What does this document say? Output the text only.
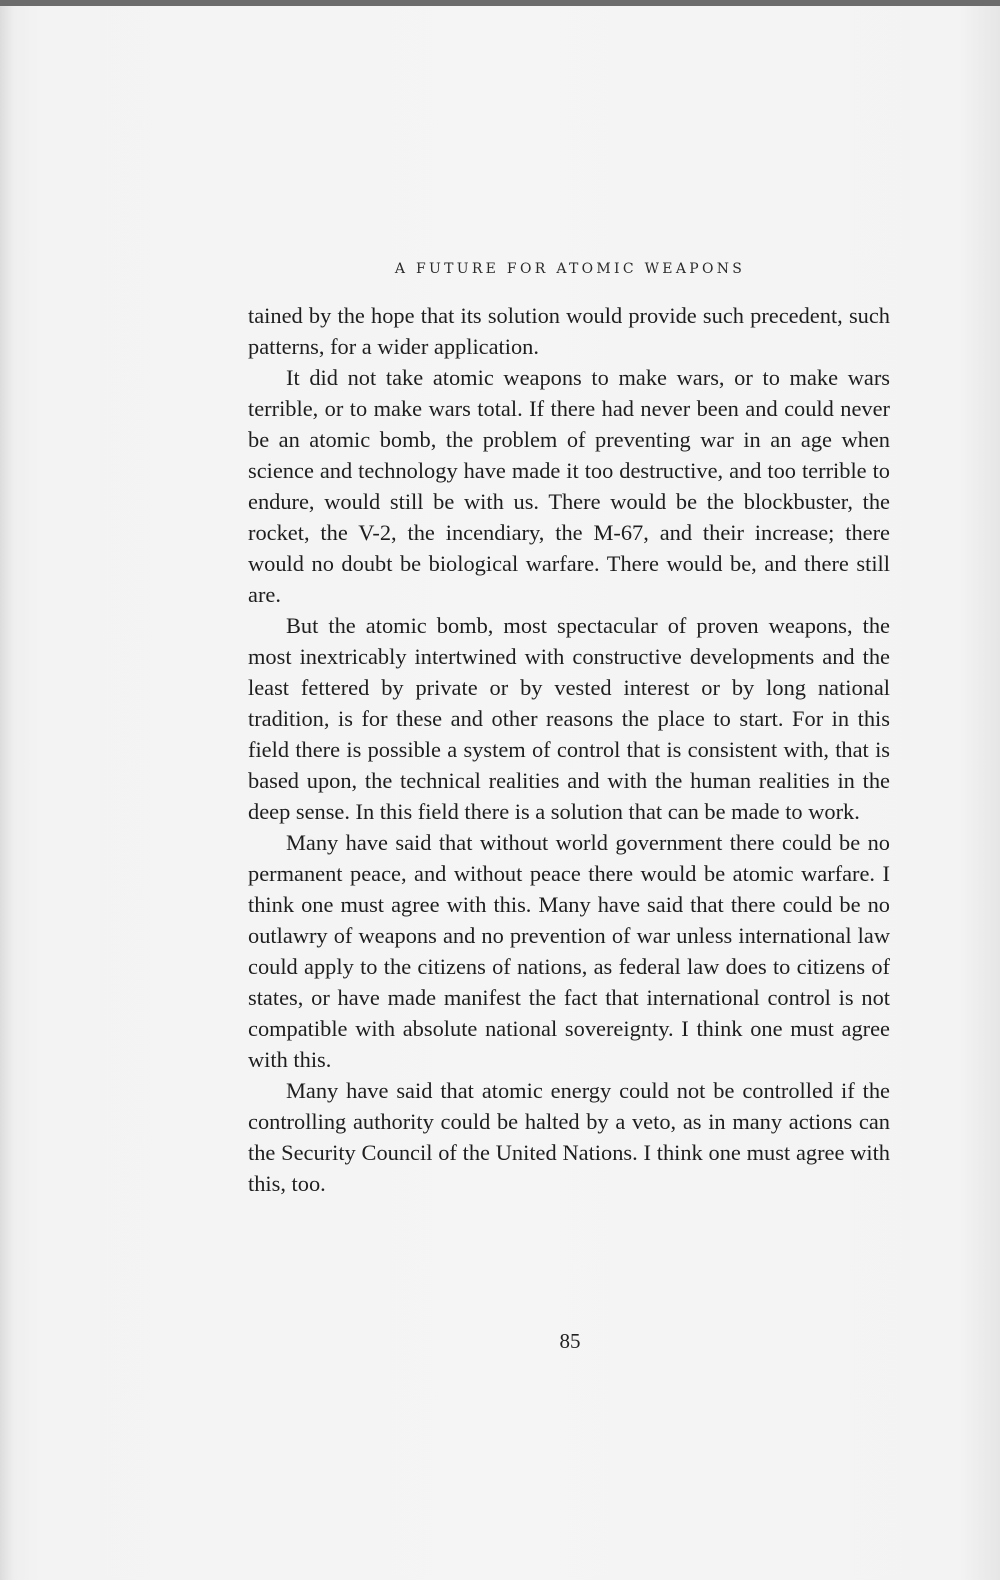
A FUTURE FOR ATOMIC WEAPONS

tained by the hope that its solution would provide such precedent, such patterns, for a wider application.

It did not take atomic weapons to make wars, or to make wars terrible, or to make wars total. If there had never been and could never be an atomic bomb, the problem of preventing war in an age when science and technology have made it too destructive, and too terrible to endure, would still be with us. There would be the blockbuster, the rocket, the V-2, the incendiary, the M-67, and their increase; there would no doubt be biological warfare. There would be, and there still are.

But the atomic bomb, most spectacular of proven weapons, the most inextricably intertwined with constructive developments and the least fettered by private or by vested interest or by long national tradition, is for these and other reasons the place to start. For in this field there is possible a system of control that is consistent with, that is based upon, the technical realities and with the human realities in the deep sense. In this field there is a solution that can be made to work.

Many have said that without world government there could be no permanent peace, and without peace there would be atomic warfare. I think one must agree with this. Many have said that there could be no outlawry of weapons and no prevention of war unless international law could apply to the citizens of nations, as federal law does to citizens of states, or have made manifest the fact that international control is not compatible with absolute national sovereignty. I think one must agree with this.

Many have said that atomic energy could not be controlled if the controlling authority could be halted by a veto, as in many actions can the Security Council of the United Nations. I think one must agree with this, too.

85
